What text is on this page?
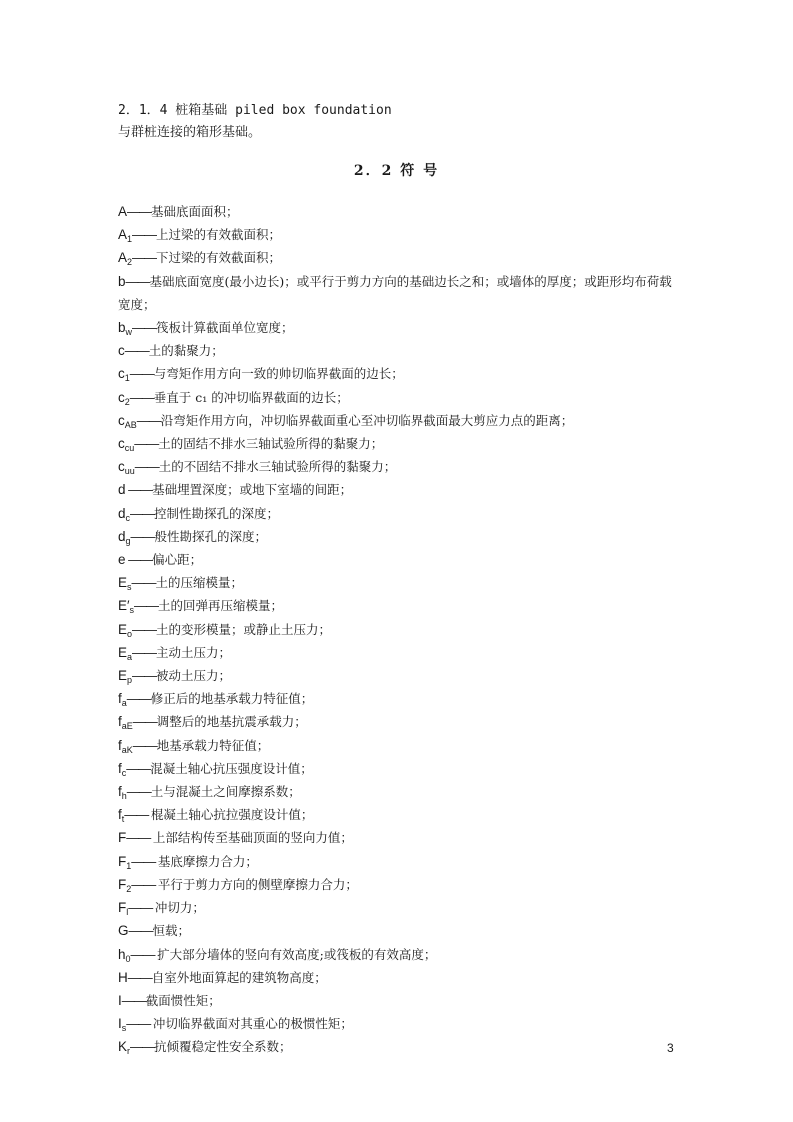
2．1．4 桩箱基础 piled box foundation
与群桩连接的箱形基础。
2．2 符 号
A——基础底面面积；
$A_1——$上过梁的有效截面积；
$A_2——$下过梁的有效截面积；
b——基础底面宽度(最小边长)；或平行于剪力方向的基础边长之和；或墙体的厚度；或距形均布荷载宽度；
$b_w——$筏板计算截面单位宽度；
c——土的黏聚力；
$c_1——$与弯矩作用方向一致的帅切临界截面的边长；
$c_2——$垂直于 c₁ 的冲切临界截面的边长；
$c_{AB}——$沿弯矩作用方向，冲切临界截面重心至冲切临界截面最大剪应力点的距离；
$c_{cu}——$土的固结不排水三轴试验所得的黏聚力；
$c_{uu}——$土的不固结不排水三轴试验所得的黏聚力；
d ——基础埋置深度；或地下室墙的间距；
$d_c——$控制性勘探孔的深度；
$d_g——$般性勘探孔的深度；
e ——偏心距；
$E_s——$土的压缩模量；
$E'_s——$土的回弹再压缩模量；
$E_o——$土的变形模量；或静止土压力；
$E_a——$主动土压力；
$E_p——$被动土压力；
$f_a——$修正后的地基承载力特征值；
$f_{aE}——$调整后的地基抗震承载力；
$f_{aK}——$地基承载力特征值；
$f_c——$混凝土轴心抗压强度设计值；
$f_h——$土与混凝土之间摩擦系数；
$f_t——$ 棍凝土轴心抗拉强度设计值；
F—— 上部结构传至基础顶面的竖向力值；
$F_1——$ 基底摩擦力合力；
$F_2——$ 平行于剪力方向的侧壁摩擦力合力；
$F_l——$ 冲切力；
G——恒载；
$h_0——$ 扩大部分墙体的竖向有效高度;或筏板的有效高度；
H——自室外地面算起的建筑物高度；
I——截面惯性矩；
$I_s——$ 冲切临界截面对其重心的极惯性矩；
$K_r——$抗倾覆稳定性安全系数；	3
